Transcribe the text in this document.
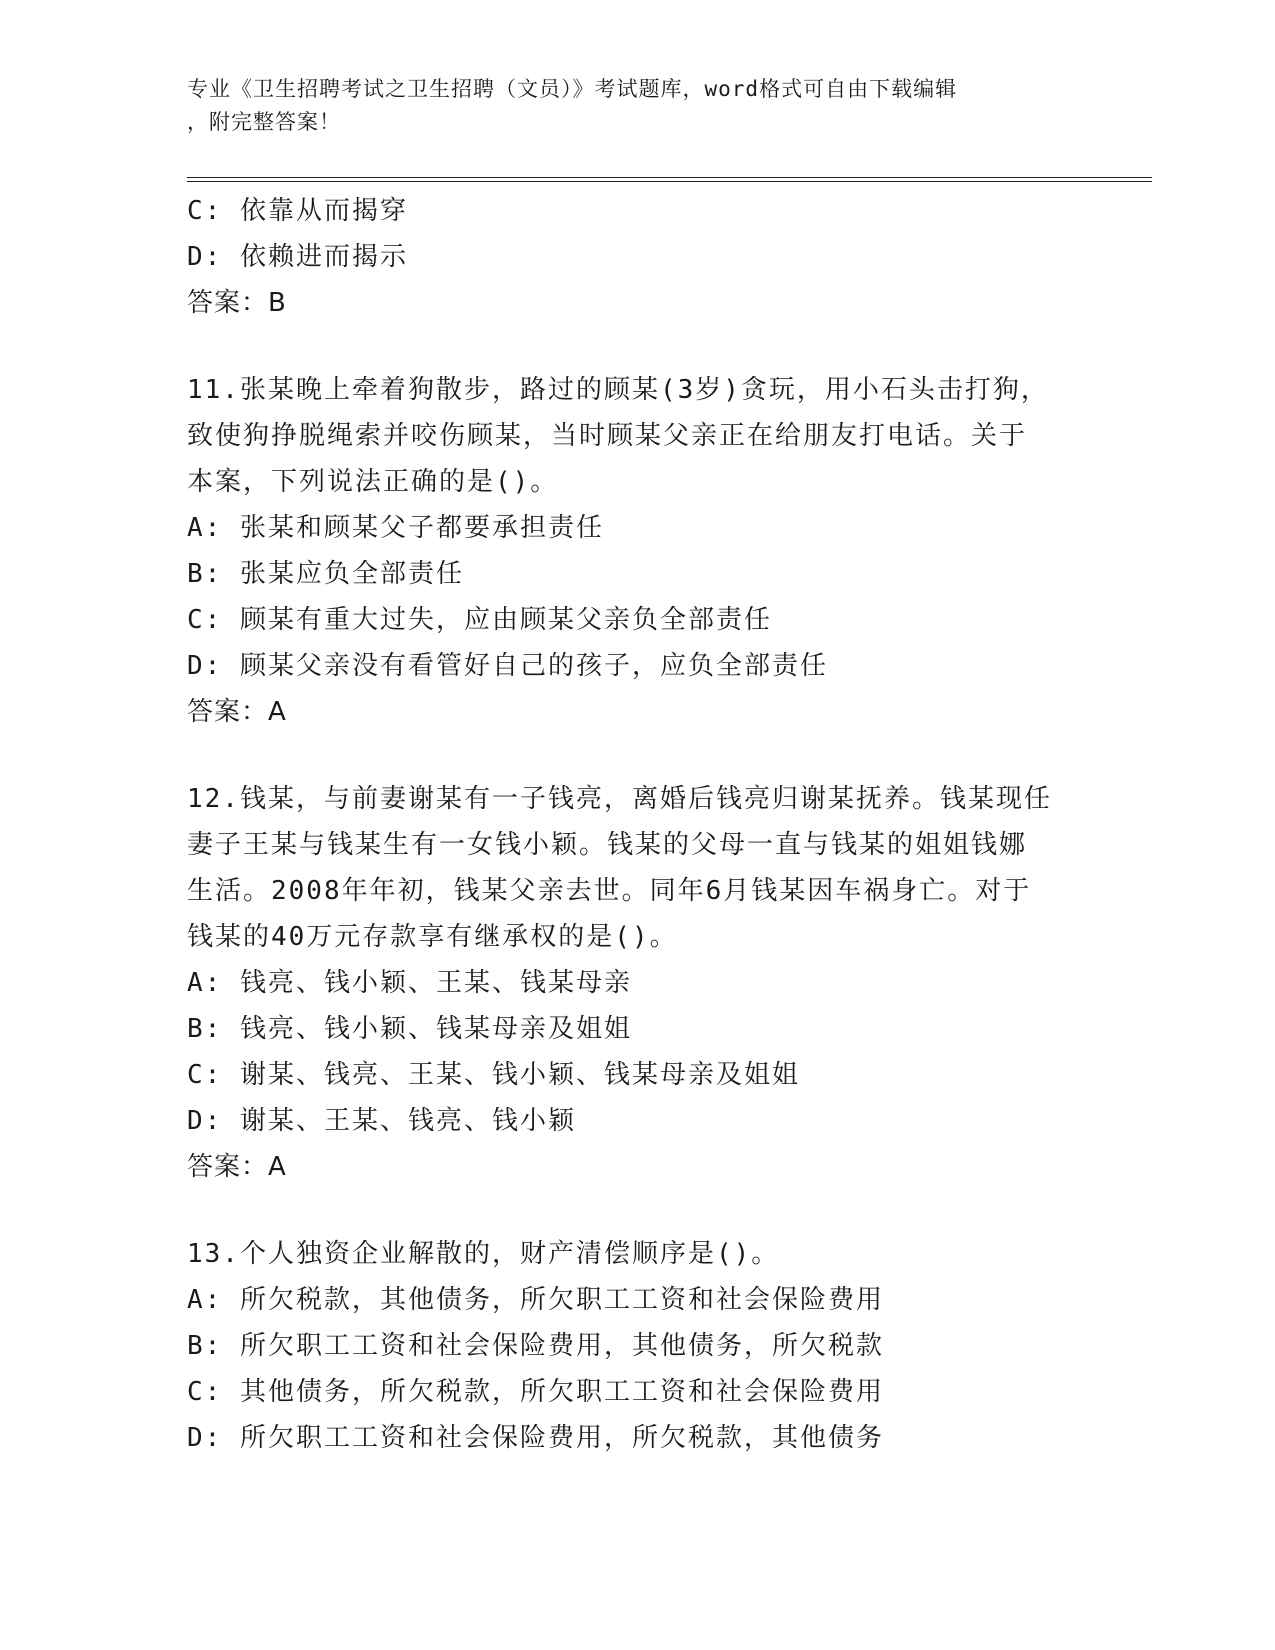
专业《卫生招聘考试之卫生招聘（文员）》考试题库，word格式可自由下载编辑
，附完整答案！
C: 依靠从而揭穿
D: 依赖进而揭示
答案：B
11.张某晚上牵着狗散步，路过的顾某(3岁)贪玩，用小石头击打狗，
致使狗挣脱绳索并咬伤顾某，当时顾某父亲正在给朋友打电话。关于
本案，下列说法正确的是()。
A: 张某和顾某父子都要承担责任
B: 张某应负全部责任
C: 顾某有重大过失，应由顾某父亲负全部责任
D: 顾某父亲没有看管好自己的孩子，应负全部责任
答案：A
12.钱某，与前妻谢某有一子钱亮，离婚后钱亮归谢某抚养。钱某现任
妻子王某与钱某生有一女钱小颖。钱某的父母一直与钱某的姐姐钱娜
生活。2008年年初，钱某父亲去世。同年6月钱某因车祸身亡。对于
钱某的40万元存款享有继承权的是()。
A: 钱亮、钱小颖、王某、钱某母亲
B: 钱亮、钱小颖、钱某母亲及姐姐
C: 谢某、钱亮、王某、钱小颖、钱某母亲及姐姐
D: 谢某、王某、钱亮、钱小颖
答案：A
13.个人独资企业解散的，财产清偿顺序是()。
A: 所欠税款，其他债务，所欠职工工资和社会保险费用
B: 所欠职工工资和社会保险费用，其他债务，所欠税款
C: 其他债务，所欠税款，所欠职工工资和社会保险费用
D: 所欠职工工资和社会保险费用，所欠税款，其他债务
